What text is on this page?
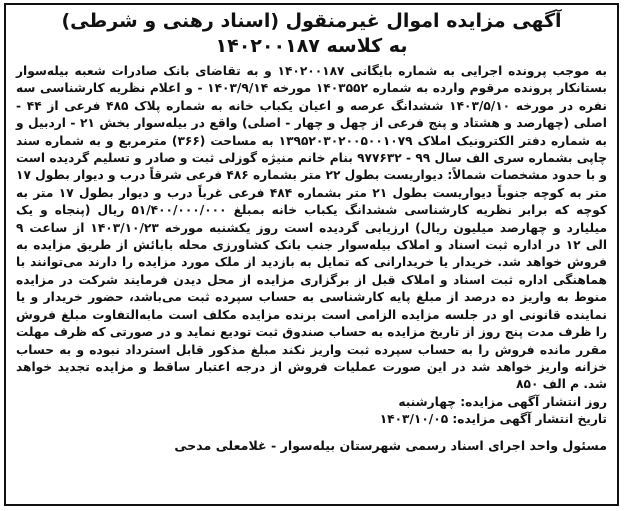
آگهی مزایده اموال غیرمنقول (اسناد رهنی و شرطی)
به کلاسه ۱۴۰۲۰۰۱۸۷
به موجب پرونده اجرایی به شماره بایگانی ۱۴۰۲۰۰۱۸۷ و به تقاضای بانک صادرات شعبه بیله‌سوار بستانکار پرونده مرقوم وارده به شماره ۱۴۰۳۵۵۲ مورخه ۱۴۰۳/۹/۱۴ - و اعلام نظریه کارشناسی سه نفره در مورخه ۱۴۰۳/۵/۱۰ ششدانگ عرصه و اعیان یکباب خانه به شماره پلاک ۴۸۵ فرعی از ۴۴ - اصلی (چهارصد و هشتاد و پنج فرعی از چهل و چهار - اصلی) واقع در بیله‌سوار بخش ۲۱ - اردبیل و به شماره دفتر الکترونیک املاک ۱۳۹۵۲۰۳۰۲۰۰۵۰۰۱۰۷۹ به مساحت (۳۶۶) مترمربع و به شماره سند چاپی بشماره سری الف سال ۹۹ - ۹۷۷۶۳۲ بنام خانم منیژه گوزلی ثبت و صادر و تسلیم گردیده است و با حدود مشخصات شمالاً: دیواریست بطول ۲۲ متر بشماره ۴۸۶ فرعی شرقاً درب و دیوار بطول ۱۷ متر به کوچه جنوباً دیواریست بطول ۲۱ متر بشماره ۴۸۴ فرعی غرباً درب و دیوار بطول ۱۷ متر به کوچه که برابر نظریه کارشناسی ششدانگ یکباب خانه بمبلغ ۵۱/۴۰۰/۰۰۰/۰۰۰ ریال (پنجاه و یک میلیارد و چهارصد میلیون ریال) ارزیابی گردیده است روز یکشنبه مورخه ۱۴۰۳/۱۰/۲۳ از ساعت ۹ الی ۱۲ در اداره ثبت اسناد و املاک بیله‌سوار جنب بانک کشاورزی محله بابائش از طریق مزایده به فروش خواهد شد. خریدار یا خریدارانی که تمایل به بازدید از ملک مورد مزایده را دارند می‌توانند با هماهنگی اداره ثبت اسناد و املاک قبل از برگزاری مزایده از محل دیدن فرمایند شرکت در مزایده منوط به واریز ده درصد از مبلغ پایه کارشناسی به حساب سپرده ثبت می‌باشد، حضور خریدار و یا نماینده قانونی او در جلسه مزایده الزامی است برنده مزایده مکلف است مابه‌التفاوت مبلغ فروش را ظرف مدت پنج روز از تاریخ مزایده به حساب صندوق ثبت تودیع نماید و در صورتی که ظرف مهلت مقرر مانده فروش را به حساب سپرده ثبت واریز نکند مبلغ مذکور قابل استرداد نبوده و به حساب خزانه واریز خواهد شد در این صورت عملیات فروش از درجه اعتبار ساقط و مزایده تجدید خواهد شد. م الف ۸۵۰
روز انتشار آگهی مزایده: چهارشنبه
تاریخ انتشار آگهی مزایده: ۱۴۰۳/۱۰/۰۵
مسئول واحد اجرای اسناد رسمی شهرستان بیله‌سوار - غلامعلی مدحی
